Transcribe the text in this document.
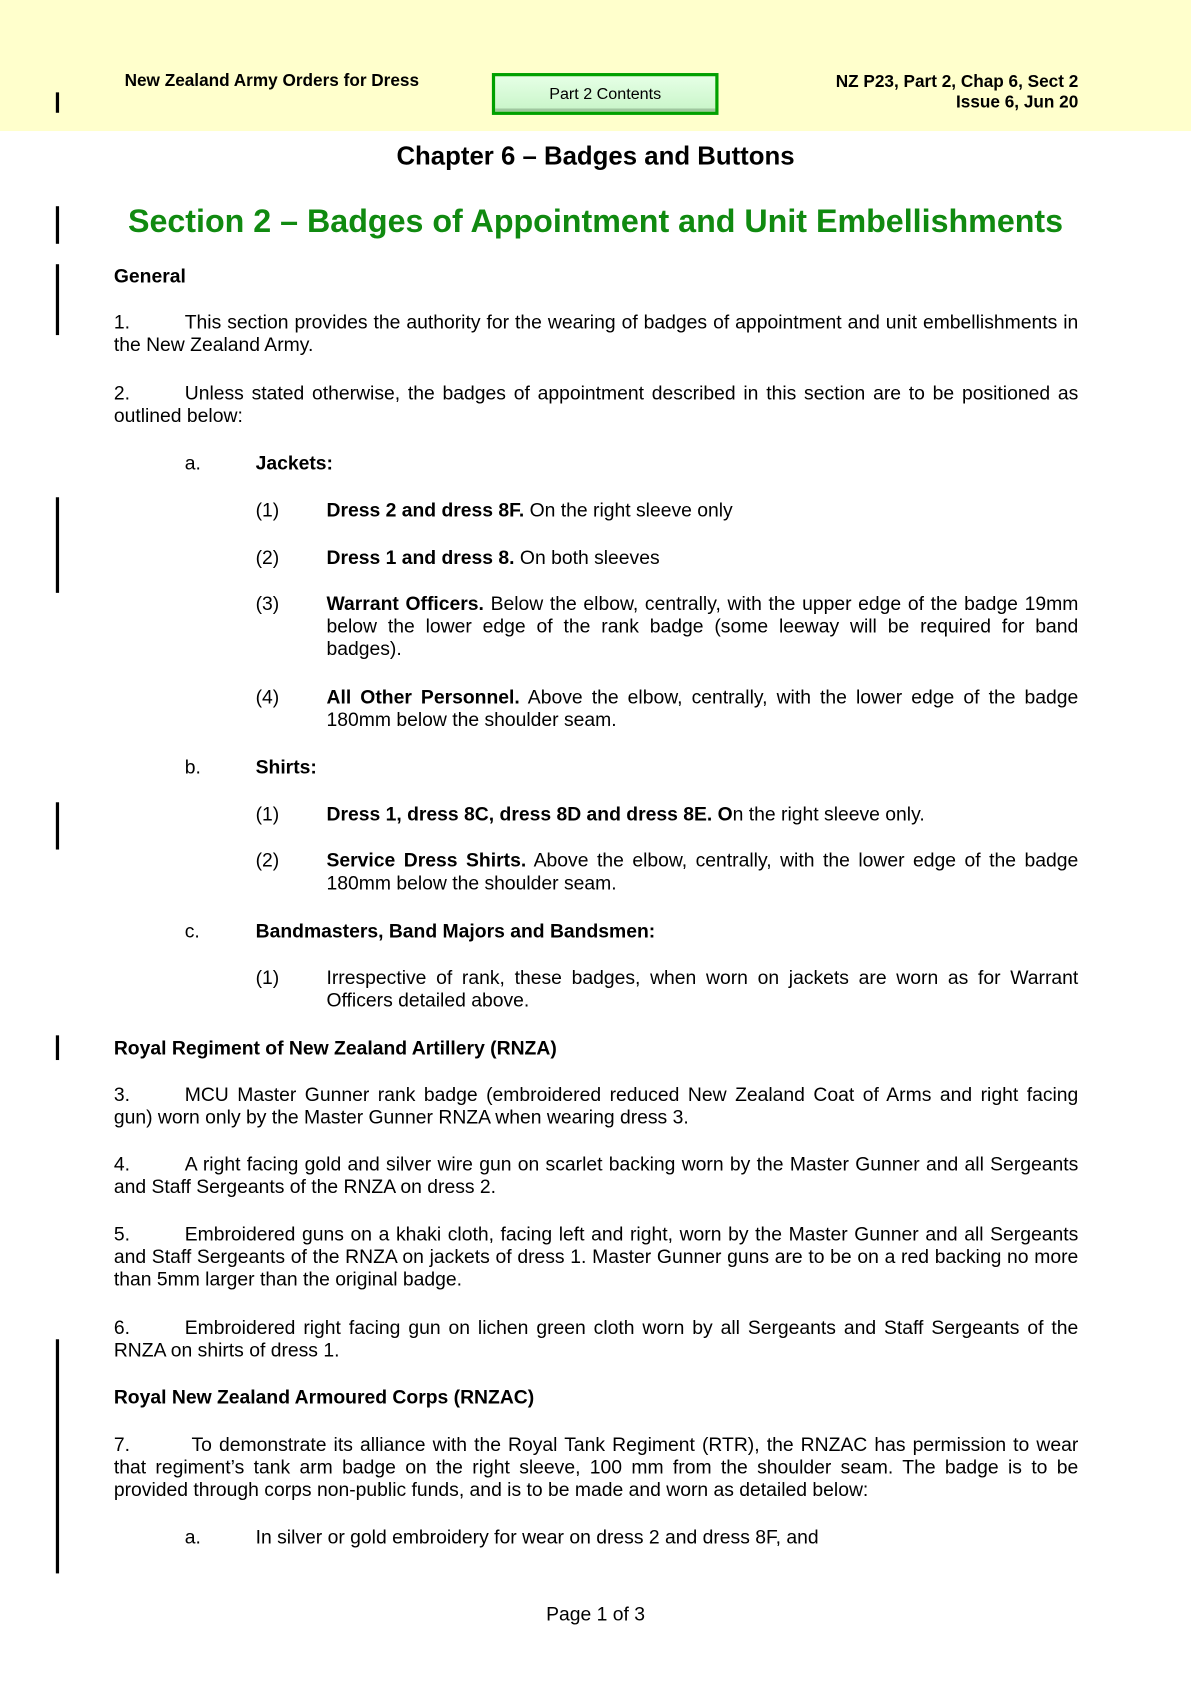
New Zealand Army Orders for Dress
Part 2 Contents
NZ P23, Part 2, Chap 6, Sect 2
Issue 6, Jun 20
Chapter 6 – Badges and Buttons
Section 2 – Badges of Appointment and Unit Embellishments
General
1.	This section provides the authority for the wearing of badges of appointment and unit embellishments in the New Zealand Army.
2.	Unless stated otherwise, the badges of appointment described in this section are to be positioned as outlined below:
a.	Jackets:
(1)	Dress 2 and dress 8F. On the right sleeve only
(2)	Dress 1 and dress 8. On both sleeves
(3)	Warrant Officers. Below the elbow, centrally, with the upper edge of the badge 19mm below the lower edge of the rank badge (some leeway will be required for band badges).
(4)	All Other Personnel. Above the elbow, centrally, with the lower edge of the badge 180mm below the shoulder seam.
b.	Shirts:
(1)	Dress 1, dress 8C, dress 8D and dress 8E. On the right sleeve only.
(2)	Service Dress Shirts. Above the elbow, centrally, with the lower edge of the badge 180mm below the shoulder seam.
c.	Bandmasters, Band Majors and Bandsmen:
(1)	Irrespective of rank, these badges, when worn on jackets are worn as for Warrant Officers detailed above.
Royal Regiment of New Zealand Artillery (RNZA)
3.	MCU Master Gunner rank badge (embroidered reduced New Zealand Coat of Arms and right facing gun) worn only by the Master Gunner RNZA when wearing dress 3.
4.	A right facing gold and silver wire gun on scarlet backing worn by the Master Gunner and all Sergeants and Staff Sergeants of the RNZA on dress 2.
5.	Embroidered guns on a khaki cloth, facing left and right, worn by the Master Gunner and all Sergeants and Staff Sergeants of the RNZA on jackets of dress 1. Master Gunner guns are to be on a red backing no more than 5mm larger than the original badge.
6.	Embroidered right facing gun on lichen green cloth worn by all Sergeants and Staff Sergeants of the RNZA on shirts of dress 1.
Royal New Zealand Armoured Corps (RNZAC)
7.	To demonstrate its alliance with the Royal Tank Regiment (RTR), the RNZAC has permission to wear that regiment’s tank arm badge on the right sleeve, 100 mm from the shoulder seam. The badge is to be provided through corps non-public funds, and is to be made and worn as detailed below:
a.	In silver or gold embroidery for wear on dress 2 and dress 8F, and
Page 1 of 3
